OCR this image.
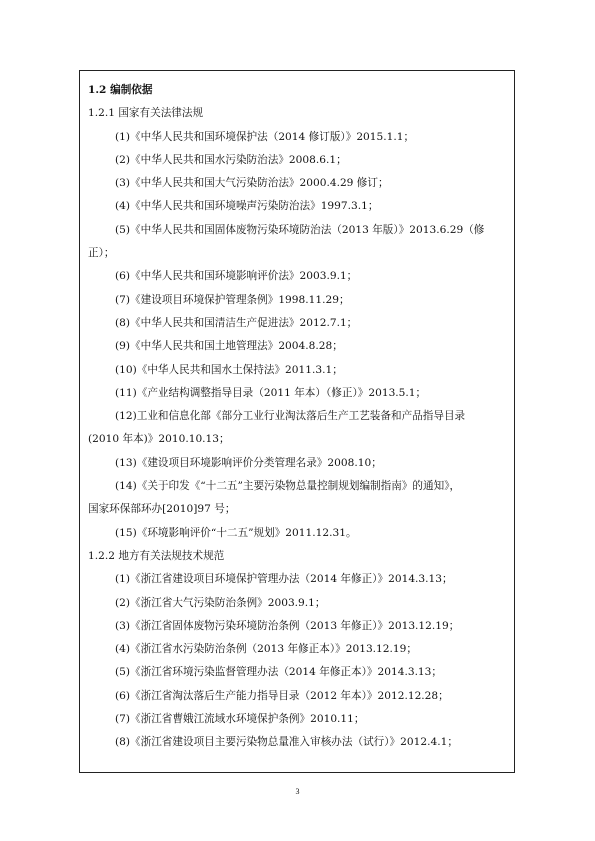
1.2 编制依据
1.2.1 国家有关法律法规
(1)《中华人民共和国环境保护法（2014 修订版）》2015.1.1；
(2)《中华人民共和国水污染防治法》2008.6.1；
(3)《中华人民共和国大气污染防治法》2000.4.29 修订；
(4)《中华人民共和国环境噪声污染防治法》1997.3.1；
(5)《中华人民共和国固体废物污染环境防治法（2013 年版）》2013.6.29（修
正）；
(6)《中华人民共和国环境影响评价法》2003.9.1；
(7)《建设项目环境保护管理条例》1998.11.29；
(8)《中华人民共和国清洁生产促进法》2012.7.1；
(9)《中华人民共和国土地管理法》2004.8.28；
(10)《中华人民共和国水土保持法》2011.3.1；
(11)《产业结构调整指导目录（2011 年本）（修正）》2013.5.1；
(12)工业和信息化部《部分工业行业淘汰落后生产工艺装备和产品指导目录
(2010 年本)》2010.10.13；
(13)《建设项目环境影响评价分类管理名录》2008.10；
(14)《关于印发《“十二五”主要污染物总量控制规划编制指南》的通知》，
国家环保部环办[2010]97 号；
(15)《环境影响评价“十二五”规划》2011.12.31。
1.2.2 地方有关法规技术规范
(1)《浙江省建设项目环境保护管理办法（2014 年修正）》2014.3.13；
(2)《浙江省大气污染防治条例》2003.9.1；
(3)《浙江省固体废物污染环境防治条例（2013 年修正）》2013.12.19；
(4)《浙江省水污染防治条例（2013 年修正本）》2013.12.19；
(5)《浙江省环境污染监督管理办法（2014 年修正本）》2014.3.13；
(6)《浙江省淘汰落后生产能力指导目录（2012 年本）》2012.12.28；
(7)《浙江省曹娥江流域水环境保护条例》2010.11；
(8)《浙江省建设项目主要污染物总量准入审核办法（试行）》2012.4.1；
3
